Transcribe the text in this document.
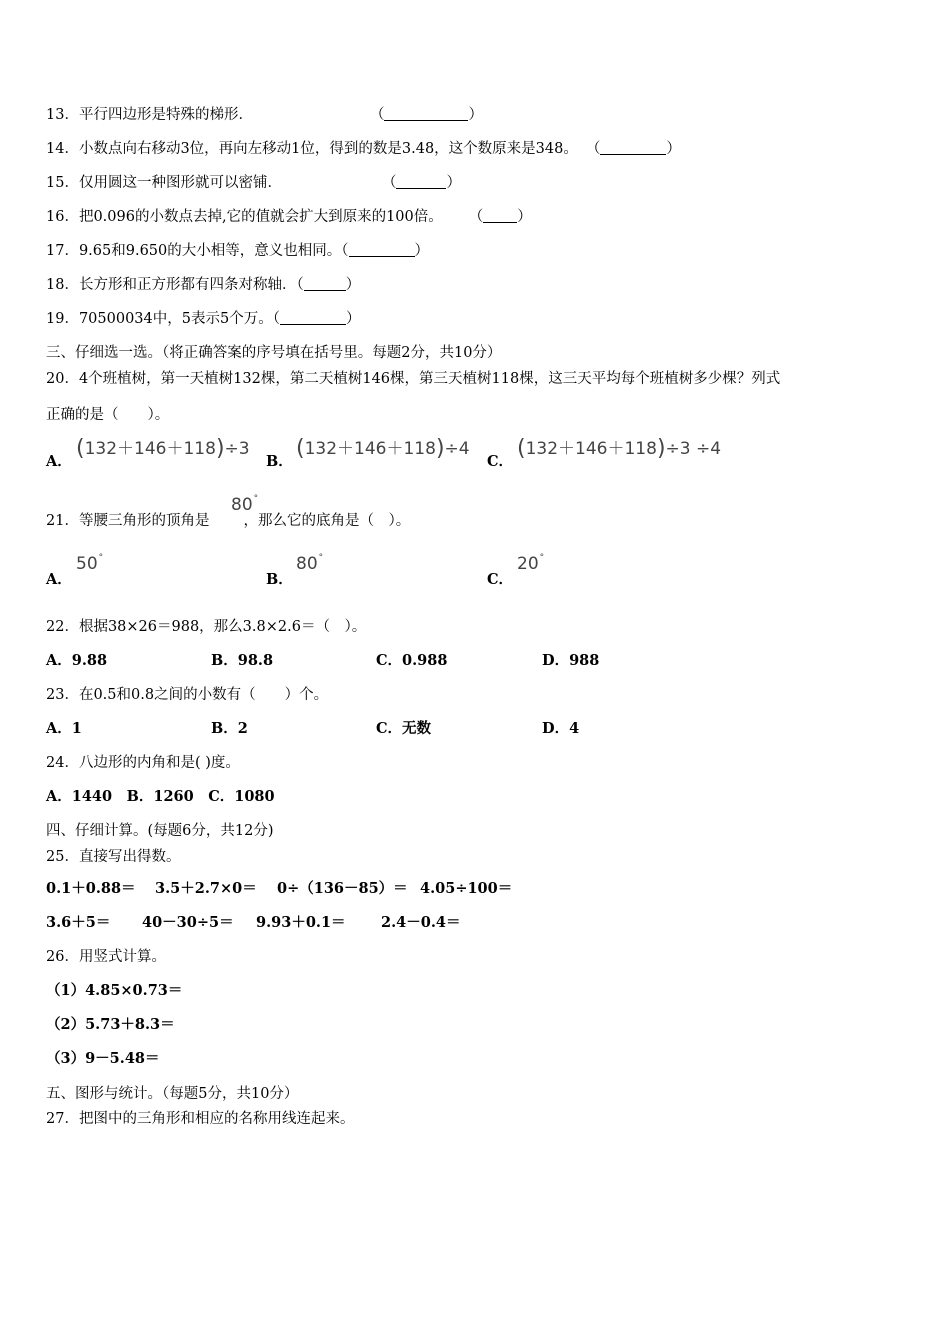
13．平行四边形是特殊的梯形．	（	）
14．小数点向右移动3位，再向左移动1位，得到的数是3.48，这个数原来是348。 （	）
15．仅用圆这一种图形就可以密铺．	（	）
16．把0.096的小数点去掉,它的值就会扩大到原来的100倍。 （ ）
17．9.65和9.650的大小相等，意义也相同。（	）
18．长方形和正方形都有四条对称轴．（	）
19．70500034中，5表示5个万。（	）
三、仔细选一选。（将正确答案的序号填在括号里。每题2分，共10分）
20．4个班植树，第一天植树132棵，第二天植树146棵，第三天植树118棵，这三天平均每个班植树多少棵？列式
正确的是（　　）。
A．
(132＋146＋118)÷3
B．
(132＋146＋118)÷4
C．
(132＋146＋118)÷3 ÷4
21．等腰三角形的顶角是 ，那么它的底角是（　）。
80°
A．
50°
B．
80°
C．
20°
22．根据38×26＝988，那么3.8×2.6＝（　）。
A．9.88	B．98.8	C．0.988	D．988
23．在0.5和0.8之间的小数有（　　）个。
A．1	B．2	C．无数	D．4
24．八边形的内角和是( )度。
A．1440　B．1260　C．1080
四、仔细计算。(每题6分，共12分)
25．直接写出得数。
0.1＋0.88＝ 3.5＋2.7×0＝ 0÷（136－85）＝ 4.05÷100＝
3.6＋5＝ 40－30÷5＝ 9.93＋0.1＝ 2.4－0.4＝
26．用竖式计算。
（1）4.85×0.73＝
（2）5.73＋8.3＝
（3）9－5.48＝
五、图形与统计。（每题5分，共10分）
27．把图中的三角形和相应的名称用线连起来。
